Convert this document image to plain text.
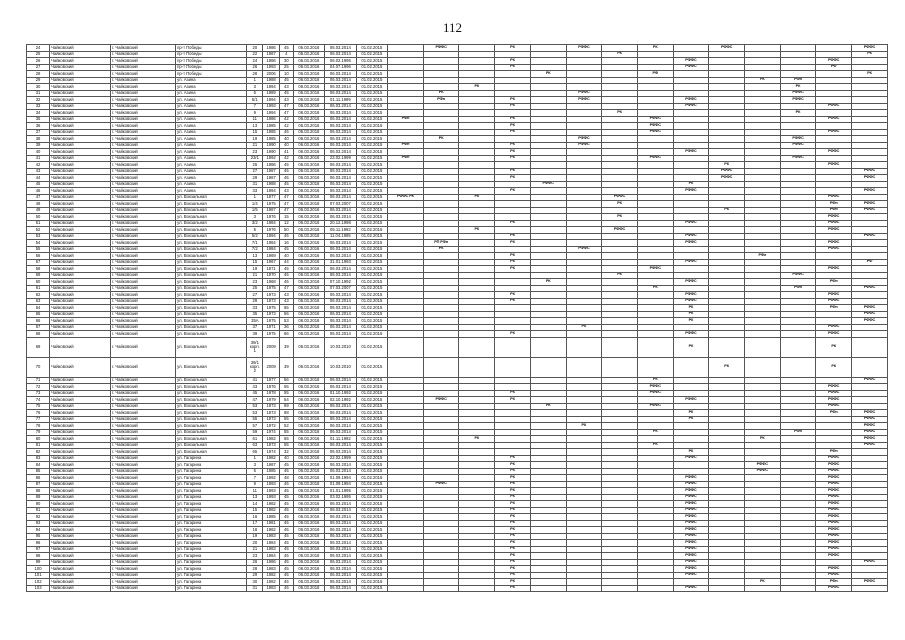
112
24	Чайковский	г. Чайковский	пр-т Победы	20	1986	45	06.03.2016	06.03.2014	01.02.2015		РФФС		РК		РФФС		РК		РФФС				РФФС
25	Чайковский	г. Чайковский	пр-т Победы	22	1987	4	06.03.2016	06.03.2014	01.02.2015							РК							РК
26	Чайковский	г. Чайковский	пр-т Победы	24	1986	30	06.03.2016	06.02.1995	01.02.2015				РК					РФФС				РФФС	
27	Чайковский	г. Чайковский	пр-т Победы	26	1993	25	06.03.2016	04.07.1996	01.02.2015				РК					РФФС				РФ	
28	Чайковский	г. Чайковский	пр-т Победы	28	2006	10	06.03.2016	06.03.2014	01.02.2015					РК			РФ						РК
29	Чайковский	г. Чайковский	ул. Азина	1	1988	45	06.03.2016	06.03.2014	01.02.2015											РК	РФп		
30	Чайковский	г. Чайковский	ул. Азина	3	1994	43	06.03.2016	06.03.2014	01.02.2015			РК									РК		
31	Чайковский	г. Чайковский	ул. Азина	5	1989	45	06.03.2016	06.03.2014	01.02.2015		РК				РФФС						РФФС		
32	Чайковский	г. Чайковский	ул. Азина	5/1	1994	43	06.03.2016	01.11.1999	01.02.2015		РФп		РК		РФФС			РФФС			РФФС		
33	Чайковский	г. Чайковский	ул. Азина	7	1993	47	06.03.2016	06.03.2014	01.02.2015				РК					РФФС				РФФС	
34	Чайковский	г. Чайковский	ул. Азина	9	1994	47	06.03.2016	06.03.2014	01.02.2015							РК					РК		
35	Чайковский	г. Чайковский	ул. Азина	11	1986	42	06.03.2016	06.03.2014	01.02.2015	РФп			РК				РФФС					РФФС	
36	Чайковский	г. Чайковский	ул. Азина	13	1985	42	06.03.2016	06.03.2014	01.02.2015				РК				РФФС						
37	Чайковский	г. Чайковский	ул. Азина	15	1985	45	06.03.2016	06.03.2014	01.02.2015				РК				РФФС					РФФС	
38	Чайковский	г. Чайковский	ул. Азина	19	1985	40	06.03.2016	06.03.2014	01.02.2015		РК				РФФС						РФФС		
39	Чайковский	г. Чайковский	ул. Азина	21	1990	40	06.03.2016	06.03.2014	01.02.2015	РФп			РК		РФФС						РФФС		
40	Чайковский	г. Чайковский	ул. Азина	23	1990	41	06.03.2016	06.03.2014	01.02.2015				РК					РФФС				РФФС	
41	Чайковский	г. Чайковский	ул. Азина	23/1	1992	42	06.03.2016	23.02.1999	01.02.2015	РФп			РК				РФФС				РФФС		
42	Чайковский	г. Чайковский	ул. Азина	25	1986	45	06.03.2016	06.03.2014	01.02.2015										РК			РФФС	
43	Чайковский	г. Чайковский	ул. Азина	27	1987	45	06.03.2016	06.03.2014	01.02.2015				РК						РФФС				РФФС
44	Чайковский	г. Чайковский	ул. Азина	29	1987	45	06.03.2016	06.03.2014	01.02.2015				РК						РФФС				РФФС
45	Чайковский	г. Чайковский	ул. Азина	31	1988	45	06.03.2016	06.03.2014	01.02.2015					РФФС				РК					
46	Чайковский	г. Чайковский	ул. Азина	33	1994	43	06.03.2016	06.03.2014	01.02.2015				РК					РФФС					РФФС
47	Чайковский	г. Чайковский	ул. Вокзальная	1	1977	47	06.03.2016	06.03.2014	01.02.2015	РФФС РК		РК				РФФС						РФФС	
48	Чайковский	г. Чайковский	ул. Вокзальная	1/4	1975	47	06.03.2016	07.03.2007	01.02.2015							РК						РФп	РФФС
49	Чайковский	г. Чайковский	ул. Вокзальная	1/5	1987	47	06.03.2016	06.03.2014	01.02.2015										РК			РФп	РФФС
50	Чайковский	г. Чайковский	ул. Вокзальная	3	1976	15	06.03.2016	06.03.2014	01.02.2015							РК						РФФС	
51	Чайковский	г. Чайковский	ул. Вокзальная	3/2	1984	12	06.03.2016	20.12.1998	01.02.2015				РК					РФФС				РФФС	
52	Чайковский	г. Чайковский	ул. Вокзальная	5	1976	50	06.03.2016	05.11.1992	01.02.2015			РК				РФФС						РФФС	
53	Чайковский	г. Чайковский	ул. Вокзальная	5/2	1994	45	06.03.2016	11.04.1995	01.02.2015				РК					РФФС					РФФС
54	Чайковский	г. Чайковский	ул. Вокзальная	7/1	1984	16	06.03.2016	06.03.2014	01.02.2015		РП РФп		РК					РФФС				РФФС	
55	Чайковский	г. Чайковский	ул. Вокзальная	7/2	1984	45	06.03.2016	06.03.2014	01.02.2015		РК				РФФС							РФФС	
56	Чайковский	г. Чайковский	ул. Вокзальная	13	1969	40	06.03.2016	06.03.2014	01.02.2015				РК							РФп			
57	Чайковский	г. Чайковский	ул. Вокзальная	15	1967	44	06.03.2016	31.01.1993	01.02.2015				РК					РФФС					РФ
58	Чайковский	г. Чайковский	ул. Вокзальная	19	1971	45	06.03.2016	06.03.2014	01.02.2015				РК				РФФС					РФФС	
59	Чайковский	г. Чайковский	ул. Вокзальная	21	1970	45	06.03.2016	06.03.2014	01.02.2015							РК					РФФС		
60	Чайковский	г. Чайковский	ул. Вокзальная	23	1968	45	06.03.2016	07.10.1992	01.02.2015					РК				РФФС				РФп	
61	Чайковский	г. Чайковский	ул. Вокзальная	25	1975	47	06.03.2016	07.03.2007	01.02.2015								РК				РФп		РФФС
62	Чайковский	г. Чайковский	ул. Вокзальная	27	1973	43	06.03.2016	06.03.2014	01.02.2015				РК					РФФС				РФФС	
63	Чайковский	г. Чайковский	ул. Вокзальная	29	1973	43	06.03.2016	06.03.2014	01.02.2015				РК					РФФС				РФФС	
64	Чайковский	г. Чайковский	ул. Вокзальная	33	1975	65	06.03.2016	06.03.2014	01.02.2015									РК				РФп	РФФС
65	Чайковский	г. Чайковский	ул. Вокзальная	35	1973	56	06.03.2016	06.03.2014	01.02.2015									РК					РФФС
66	Чайковский	г. Чайковский	ул. Вокзальная	35А	1975	53	06.03.2016	06.03.2014	01.02.2015									РК					РФФС
67	Чайковский	г. Чайковский	ул. Вокзальная	37	1971	36	06.03.2016	06.03.2014	01.02.2015						РК							РФФС	
68	Чайковский	г. Чайковский	ул. Вокзальная	39	1975	66	06.03.2016	06.03.2014	01.02.2015				РК					РФФС				РФФС	
69	Чайковский	г. Чайковский	ул. Вокзальная	39/1 корп. 1	2009	39	06.03.2016	10.03.2010	01.02.2015									РК				РК	
70	Чайковский	г. Чайковский	ул. Вокзальная	39/1 корп. 2	2009	39	06.03.2016	10.03.2010	01.02.2015										РК			РК	
71	Чайковский	г. Чайковский	ул. Вокзальная	41	1977	56	06.03.2016	06.03.2014	01.02.2015								РК						РФФС
72	Чайковский	г. Чайковский	ул. Вокзальная	43	1976	55	06.03.2016	06.03.2014	01.02.2015								РФФС					РФФС	
73	Чайковский	г. Чайковский	ул. Вокзальная	45	1978	55	06.03.2016	01.10.1992	01.02.2015				РК				РФФС					РФФС	
74	Чайковский	г. Чайковский	ул. Вокзальная	47	1979	54	06.03.2016	02.10.1992	01.02.2015		РФФС		РК					РФФС				РФФС	
75	Чайковский	г. Чайковский	ул. Вокзальная	53	1973	69	06.03.2016	06.03.2014	01.02.2015					РК			РФФС					РФФС	
76	Чайковский	г. Чайковский	ул. Вокзальная	53	1973	68	06.03.2016	06.03.2014	01.02.2015									РК				РФп	РФФС
77	Чайковский	г. Чайковский	ул. Вокзальная	55	1973	55	06.03.2016	06.03.2014	01.02.2015									РК					РФФС
78	Чайковский	г. Чайковский	ул. Вокзальная	57	1972	52	06.03.2016	06.03.2014	01.02.2015						РК								РФФС
79	Чайковский	г. Чайковский	ул. Вокзальная	59	1974	55	06.03.2016	06.03.2014	01.02.2015								РК				РФп		РФФС
80	Чайковский	г. Чайковский	ул. Вокзальная	61	1982	65	06.03.2016	01.11.1992	01.02.2015			РК								РК			РФФС
81	Чайковский	г. Чайковский	ул. Вокзальная	63	1973	55	06.03.2016	06.03.2014	01.02.2015								РК						РФФС
82	Чайковский	г. Чайковский	ул. Вокзальная	65	1974	32	06.03.2016	06.03.2014	01.02.2015									РК				РФп	
83	Чайковский	г. Чайковский	ул. Гагарина	1	1982	40	06.03.2016	22.02.1999	01.02.2015				РК					РФФС				РФФС	
84	Чайковский	г. Чайковский	ул. Гагарина	3	1987	45	06.03.2016	06.03.2014	01.02.2015				РК							РФФС		РФФС	
85	Чайковский	г. Чайковский	ул. Гагарина	5	1985	45	06.03.2016	06.03.2014	01.02.2015				РК							РФФС		РФФС	
86	Чайковский	г. Чайковский	ул. Гагарина	7	1992	48	06.03.2016	01.09.1994	01.02.2015				РК					РФФС				РФФС	
87	Чайковский	г. Чайковский	ул. Гагарина	9	1993	45	06.03.2016	01.09.1994	01.02.2015		РФФС		РК					РФФС				РФФС	
88	Чайковский	г. Чайковский	ул. Гагарина	11	1993	45	06.03.2016	01.01.1995	01.02.2015				РК					РФФС				РФФС	
89	Чайковский	г. Чайковский	ул. Гагарина	13	1993	45	06.03.2016	03.02.1995	01.02.2015				РК					РФФС				РФФС	
90	Чайковский	г. Чайковский	ул. Гагарина	14	1982	45	06.03.2016	06.03.2014	01.02.2015				РК					РФФС				РФФС	
91	Чайковский	г. Чайковский	ул. Гагарина	15	1982	45	06.03.2016	06.03.2014	01.02.2015				РК					РФФС				РФФС	
92	Чайковский	г. Чайковский	ул. Гагарина	16	1985	45	06.03.2016	06.03.2014	01.02.2015				РК					РФФС				РФФС	
93	Чайковский	г. Чайковский	ул. Гагарина	17	1981	45	06.03.2016	06.03.2014	01.02.2015				РК					РФФС				РФФС	
94	Чайковский	г. Чайковский	ул. Гагарина	18	1982	45	06.03.2016	06.03.2014	01.02.2015				РК					РФФС				РФФС	
95	Чайковский	г. Чайковский	ул. Гагарина	19	1983	45	06.03.2016	06.03.2014	01.02.2015				РК					РФФС				РФФС	
96	Чайковский	г. Чайковский	ул. Гагарина	20	1984	45	06.03.2016	06.03.2014	01.02.2015				РК					РФФС				РФФС	
97	Чайковский	г. Чайковский	ул. Гагарина	21	1983	45	06.03.2016	06.03.2014	01.02.2015				РК					РФФС				РФФС	
98	Чайковский	г. Чайковский	ул. Гагарина	23	1984	45	06.03.2016	06.03.2014	01.02.2015				РК					РФФС				РФФС	
99	Чайковский	г. Чайковский	ул. Гагарина	26	1986	45	06.03.2016	06.03.2014	01.02.2015				РК					РФФС					РФФС
100	Чайковский	г. Чайковский	ул. Гагарина	28	1983	45	06.03.2016	06.03.2014	01.02.2015				РК					РФФС				РФФС	
101	Чайковский	г. Чайковский	ул. Гагарина	29	1982	45	06.03.2016	06.03.2014	01.02.2015				РК					РФФС				РФФС	
102	Чайковский	г. Чайковский	ул. Гагарина	30	1982	45	06.03.2016	06.03.2014	01.02.2015				РК							РК		РФп	РФФС
103	Чайковский	г. Чайковский	ул. Гагарина	31	1983	45	06.03.2016	06.03.2014	01.02.2015				РК					РФФС				РФФС	
